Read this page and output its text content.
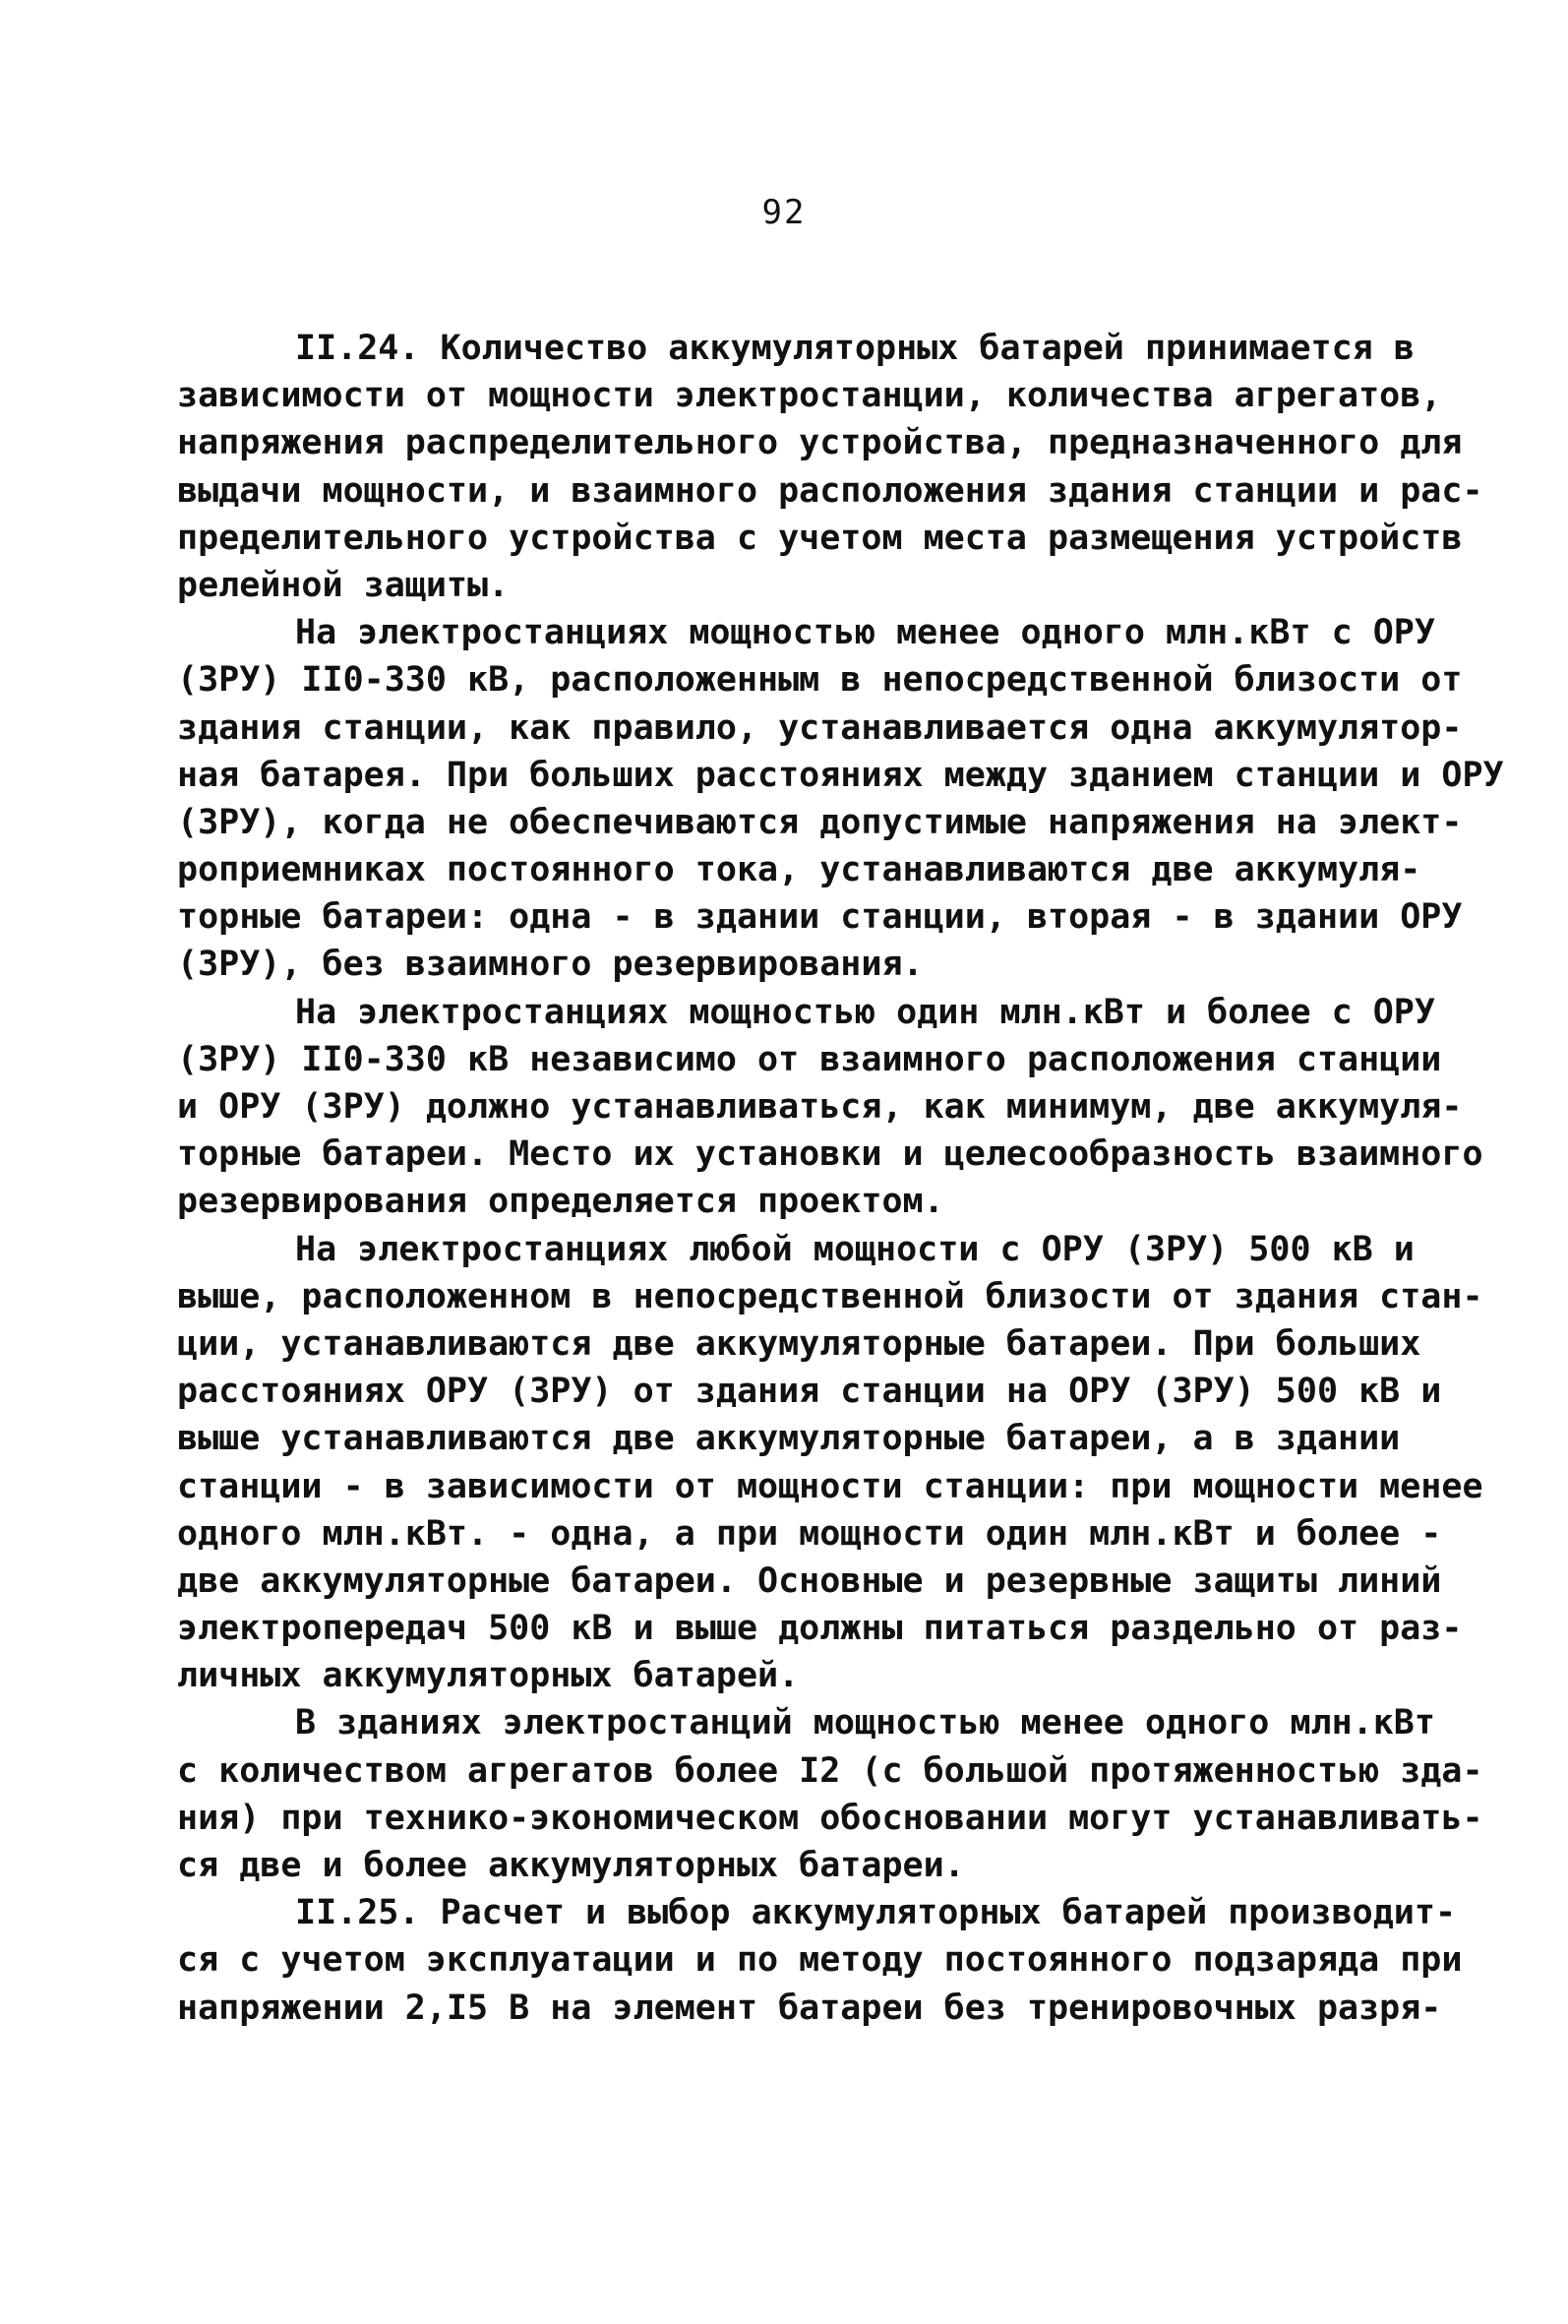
92
II.24. Количество аккумуляторных батарей принимается в
зависимости от мощности электростанции, количества агрегатов,
напряжения распределительного устройства, предназначенного для
выдачи мощности, и взаимного расположения здания станции и рас-
пределительного устройства с учетом места размещения устройств
релейной защиты.
На электростанциях мощностью менее одного млн.кВт с ОРУ
(ЗРУ) II0-330 кВ, расположенным в непосредственной близости от
здания станции, как правило, устанавливается одна аккумулятор-
ная батарея. При больших расстояниях между зданием станции и ОРУ
(ЗРУ), когда не обеспечиваются допустимые напряжения на элект-
роприемниках постоянного тока, устанавливаются две аккумуля-
торные батареи: одна - в здании станции, вторая - в здании ОРУ
(ЗРУ), без взаимного резервирования.
На электростанциях мощностью один млн.кВт и более с ОРУ
(ЗРУ) II0-330 кВ независимо от взаимного расположения станции
и ОРУ (ЗРУ) должно устанавливаться, как минимум, две аккумуля-
торные батареи. Место их установки и целесообразность взаимного
резервирования определяется проектом.
На электростанциях любой мощности с ОРУ (ЗРУ) 500 кВ и
выше, расположенном в непосредственной близости от здания стан-
ции, устанавливаются две аккумуляторные батареи. При больших
расстояниях ОРУ (ЗРУ) от здания станции на ОРУ (ЗРУ) 500 кВ и
выше устанавливаются две аккумуляторные батареи, а в здании
станции - в зависимости от мощности станции: при мощности менее
одного млн.кВт. - одна, а при мощности один млн.кВт и более -
две аккумуляторные батареи. Основные и резервные защиты линий
электропередач 500 кВ и выше должны питаться раздельно от раз-
личных аккумуляторных батарей.
В зданиях электростанций мощностью менее одного млн.кВт
с количеством агрегатов более I2 (с большой протяженностью зда-
ния) при технико-экономическом обосновании могут устанавливать-
ся две и более аккумуляторных батареи.
II.25. Расчет и выбор аккумуляторных батарей производит-
ся с учетом эксплуатации и по методу постоянного подзаряда при
напряжении 2,I5 В на элемент батареи без тренировочных разря-
